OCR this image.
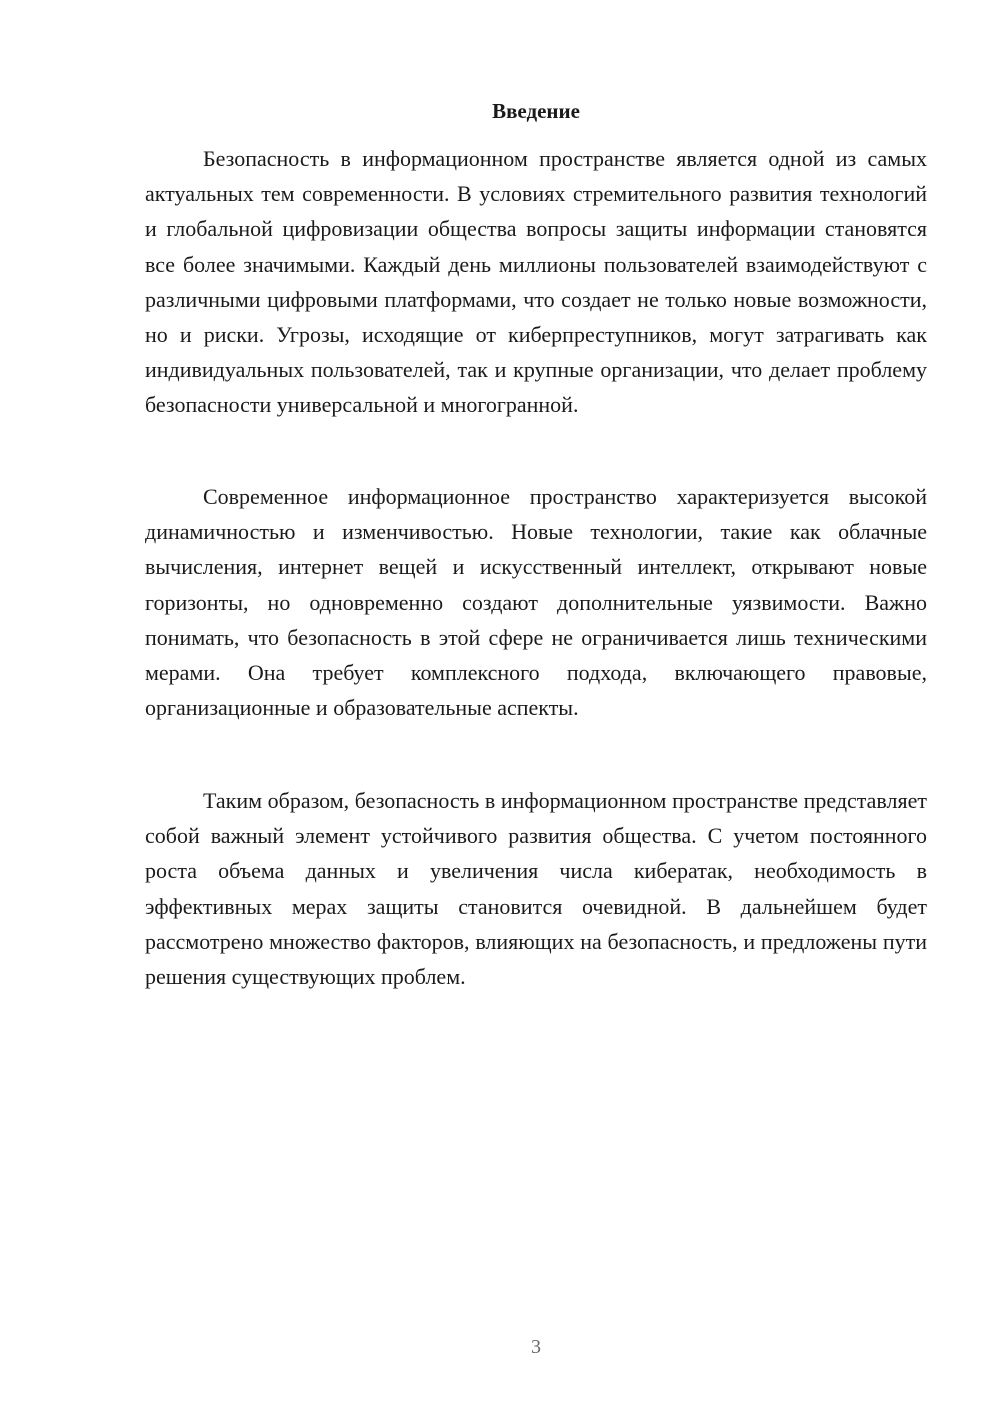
Введение

Безопасность в информационном пространстве является одной из самых актуальных тем современности. В условиях стремительного развития технологий и глобальной цифровизации общества вопросы защиты информации становятся все более значимыми. Каждый день миллионы пользователей взаимодействуют с различными цифровыми платформами, что создает не только новые возможности, но и риски. Угрозы, исходящие от киберпреступников, могут затрагивать как индивидуальных пользователей, так и крупные организации, что делает проблему безопасности универсальной и многогранной.

Современное информационное пространство характеризуется высокой динамичностью и изменчивостью. Новые технологии, такие как облачные вычисления, интернет вещей и искусственный интеллект, открывают новые горизонты, но одновременно создают дополнительные уязвимости. Важно понимать, что безопасность в этой сфере не ограничивается лишь техническими мерами. Она требует комплексного подхода, включающего правовые, организационные и образовательные аспекты.

Таким образом, безопасность в информационном пространстве представляет собой важный элемент устойчивого развития общества. С учетом постоянного роста объема данных и увеличения числа кибератак, необходимость в эффективных мерах защиты становится очевидной. В дальнейшем будет рассмотрено множество факторов, влияющих на безопасность, и предложены пути решения существующих проблем.

3
